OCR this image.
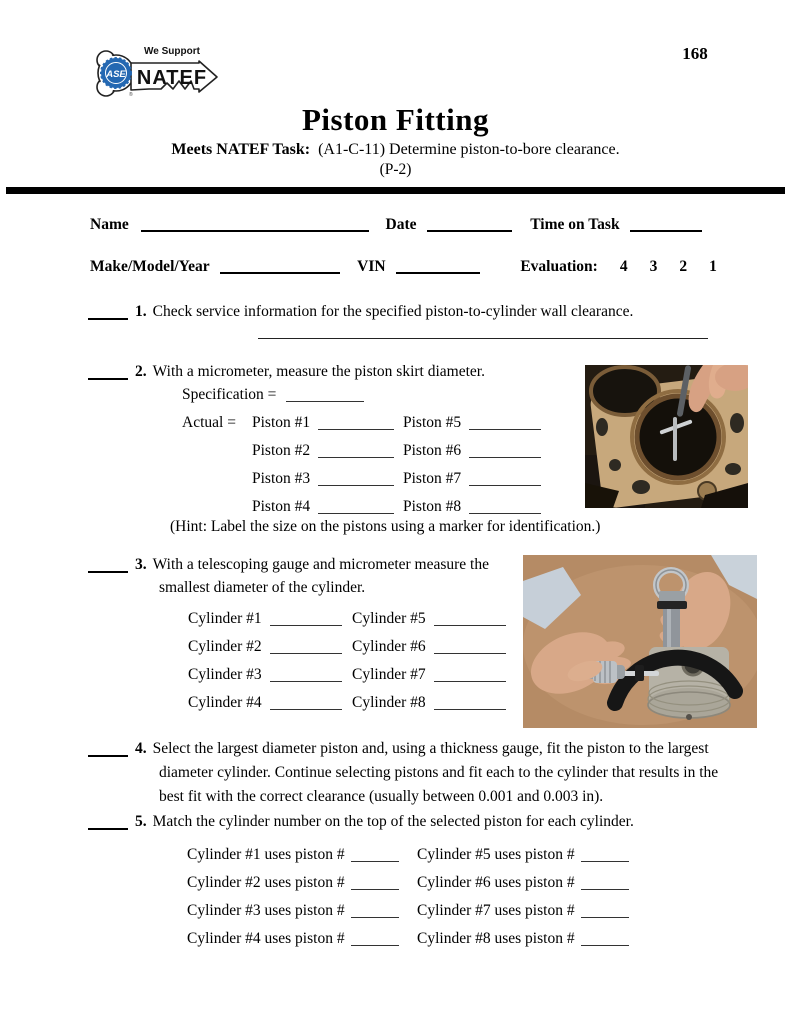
ASE
®
We Support
NATEF
168
Piston Fitting
Meets NATEF Task: (A1-C-11) Determine piston-to-bore clearance.
(P-2)
Name	Date	Time on Task
Make/Model/Year	VIN	Evaluation: 4 3 2 1
1. Check service information for the specified piston-to-cylinder wall clearance.
2. With a micrometer, measure the piston skirt diameter.
Specification =
Actual = Piston #1
Piston #2
Piston #3
Piston #4
Piston #5
Piston #6
Piston #7
Piston #8
(Hint: Label the size on the pistons using a marker for identification.)
3. With a telescoping gauge and micrometer measure the smallest diameter of the cylinder.
Cylinder #1
Cylinder #2
Cylinder #3
Cylinder #4
Cylinder #5
Cylinder #6
Cylinder #7
Cylinder #8
4. Select the largest diameter piston and, using a thickness gauge, fit the piston to the largest diameter cylinder. Continue selecting pistons and fit each to the cylinder that results in the best fit with the correct clearance (usually between 0.001 and 0.003 in).
5. Match the cylinder number on the top of the selected piston for each cylinder.
Cylinder #1 uses piston #
Cylinder #2 uses piston #
Cylinder #3 uses piston #
Cylinder #4 uses piston #
Cylinder #5 uses piston #
Cylinder #6 uses piston #
Cylinder #7 uses piston #
Cylinder #8 uses piston #
